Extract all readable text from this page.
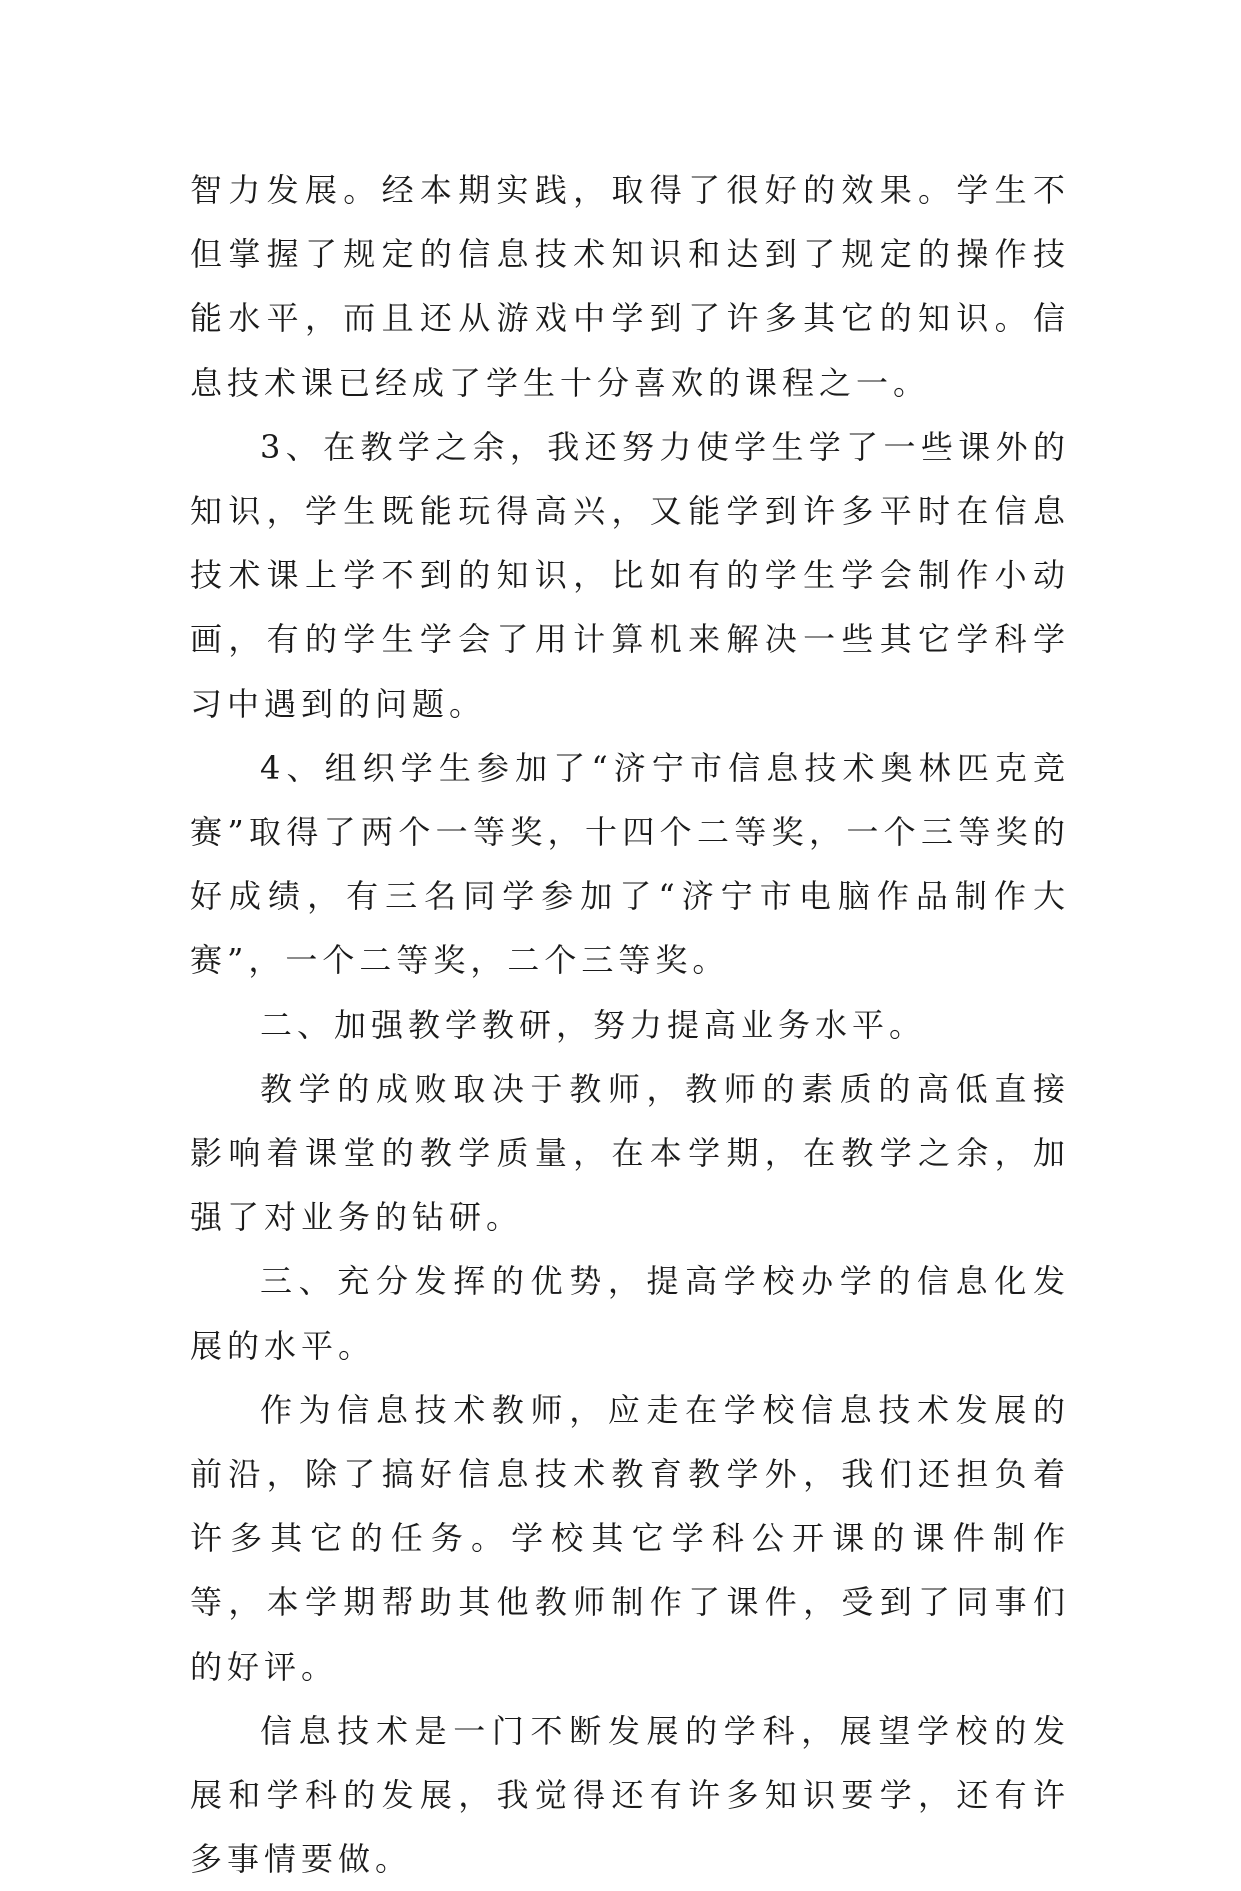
智力发展。经本期实践，取得了很好的效果。学生不但掌握了规定的信息技术知识和达到了规定的操作技能水平，而且还从游戏中学到了许多其它的知识。信息技术课已经成了学生十分喜欢的课程之一。

3、在教学之余，我还努力使学生学了一些课外的知识，学生既能玩得高兴，又能学到许多平时在信息技术课上学不到的知识，比如有的学生学会制作小动画，有的学生学会了用计算机来解决一些其它学科学习中遇到的问题。

4、组织学生参加了“济宁市信息技术奥林匹克竞赛”取得了两个一等奖，十四个二等奖，一个三等奖的好成绩，有三名同学参加了“济宁市电脑作品制作大赛”，一个二等奖，二个三等奖。

二、加强教学教研，努力提高业务水平。

教学的成败取决于教师，教师的素质的高低直接影响着课堂的教学质量，在本学期，在教学之余，加强了对业务的钻研。

三、充分发挥的优势，提高学校办学的信息化发展的水平。

作为信息技术教师，应走在学校信息技术发展的前沿，除了搞好信息技术教育教学外，我们还担负着许多其它的任务。学校其它学科公开课的课件制作等，本学期帮助其他教师制作了课件，受到了同事们的好评。

信息技术是一门不断发展的学科，展望学校的发展和学科的发展，我觉得还有许多知识要学，还有许多事情要做。
